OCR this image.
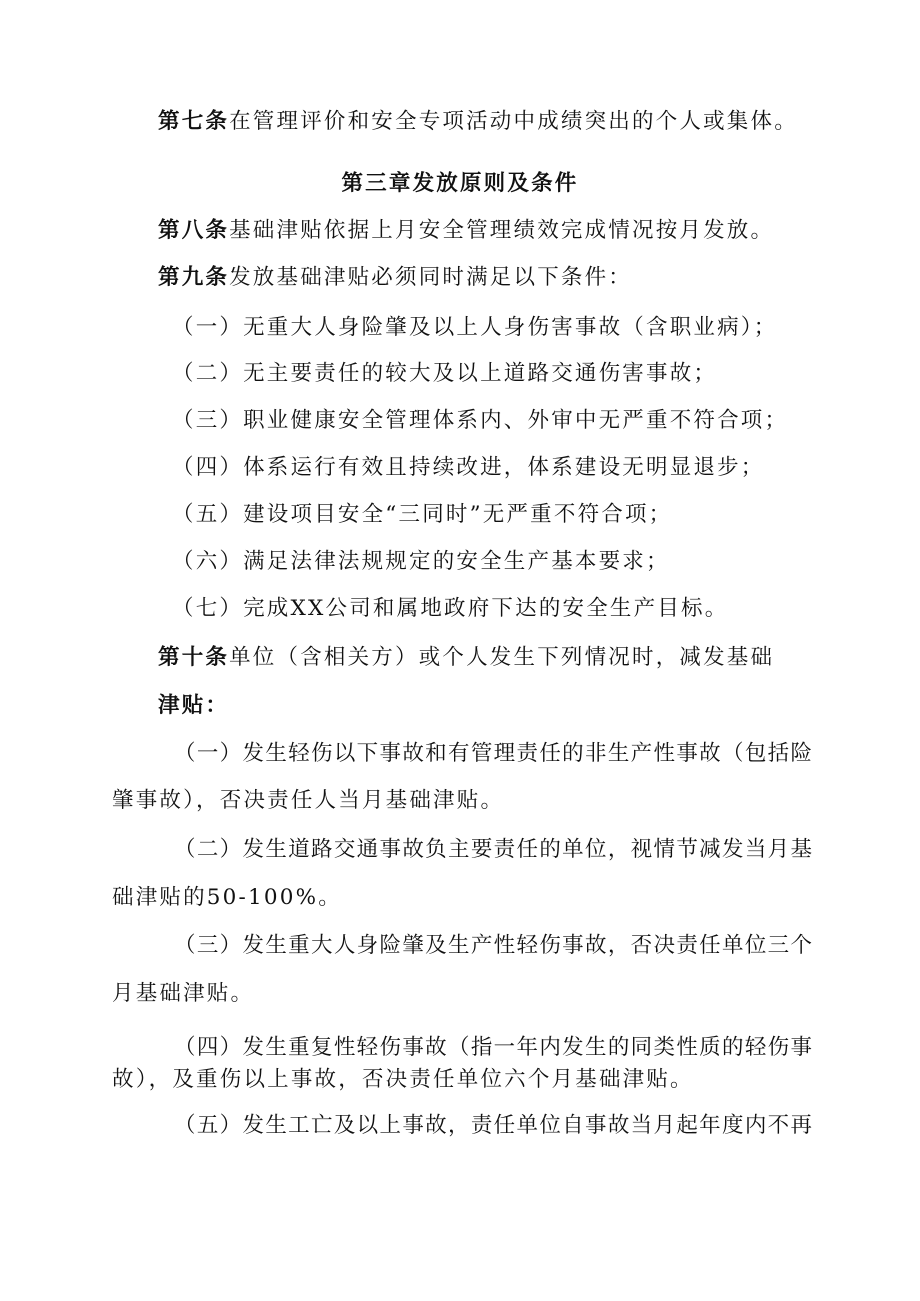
第七条在管理评价和安全专项活动中成绩突出的个人或集体。
第三章发放原则及条件
第八条基础津贴依据上月安全管理绩效完成情况按月发放。
第九条发放基础津贴必须同时满足以下条件：
（一）无重大人身险肇及以上人身伤害事故（含职业病）；
（二）无主要责任的较大及以上道路交通伤害事故；
（三）职业健康安全管理体系内、外审中无严重不符合项；
（四）体系运行有效且持续改进，体系建设无明显退步；
（五）建设项目安全“三同时”无严重不符合项；
（六）满足法律法规规定的安全生产基本要求；
（七）完成XX公司和属地政府下达的安全生产目标。
第十条单位（含相关方）或个人发生下列情况时，减发基础
津贴：
（一）发生轻伤以下事故和有管理责任的非生产性事故（包括险
肇事故），否决责任人当月基础津贴。
（二）发生道路交通事故负主要责任的单位，视情节减发当月基
础津贴的50-100%。
（三）发生重大人身险肇及生产性轻伤事故，否决责任单位三个
月基础津贴。
（四）发生重复性轻伤事故（指一年内发生的同类性质的轻伤事
故），及重伤以上事故，否决责任单位六个月基础津贴。
（五）发生工亡及以上事故，责任单位自事故当月起年度内不再
